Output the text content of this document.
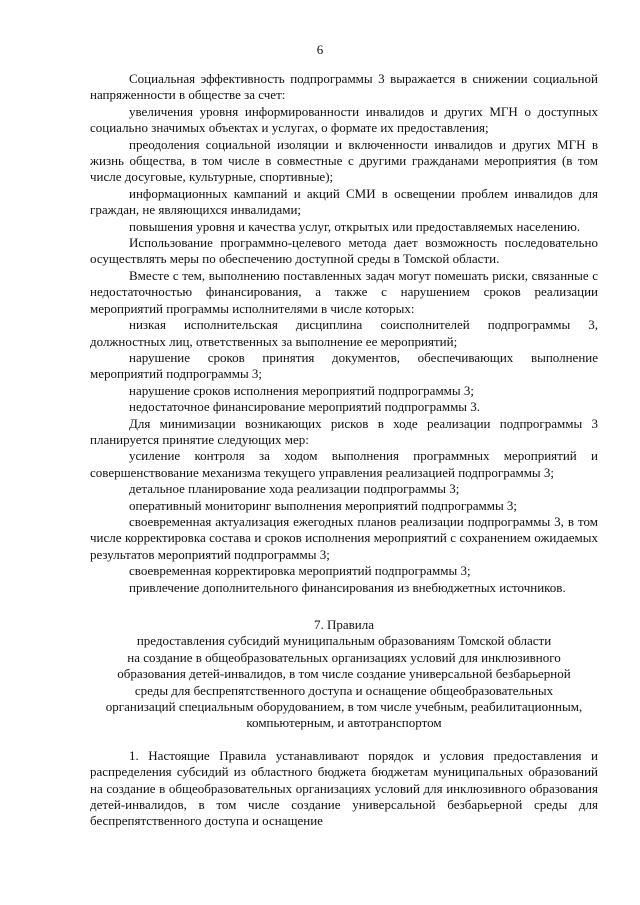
6

Социальная эффективность подпрограммы 3 выражается в снижении социальной напряженности в обществе за счет:

увеличения уровня информированности инвалидов и других МГН о доступных социально значимых объектах и услугах, о формате их предоставления;

преодоления социальной изоляции и включенности инвалидов и других МГН в жизнь общества, в том числе в совместные с другими гражданами мероприятия (в том числе досуговые, культурные, спортивные);

информационных кампаний и акций СМИ в освещении проблем инвалидов для граждан, не являющихся инвалидами;

повышения уровня и качества услуг, открытых или предоставляемых населению.

Использование программно-целевого метода дает возможность последовательно осуществлять меры по обеспечению доступной среды в Томской области.

Вместе с тем, выполнению поставленных задач могут помешать риски, связанные с недостаточностью финансирования, а также с нарушением сроков реализации мероприятий программы исполнителями в числе которых:

низкая исполнительская дисциплина соисполнителей подпрограммы 3, должностных лиц, ответственных за выполнение ее мероприятий;

нарушение сроков принятия документов, обеспечивающих выполнение мероприятий подпрограммы 3;

нарушение сроков исполнения мероприятий подпрограммы 3;

недостаточное финансирование мероприятий подпрограммы 3.

Для минимизации возникающих рисков в ходе реализации подпрограммы 3 планируется принятие следующих мер:

усиление контроля за ходом выполнения программных мероприятий и совершенствование механизма текущего управления реализацией подпрограммы 3;

детальное планирование хода реализации подпрограммы 3;

оперативный мониторинг выполнения мероприятий подпрограммы 3;

своевременная актуализация ежегодных планов реализации подпрограммы 3, в том числе корректировка состава и сроков исполнения мероприятий с сохранением ожидаемых результатов мероприятий подпрограммы 3;

своевременная корректировка мероприятий подпрограммы 3;

привлечение дополнительного финансирования из внебюджетных источников.

7. Правила

предоставления субсидий муниципальным образованиям Томской области
на создание в общеобразовательных организациях условий для инклюзивного образования детей-инвалидов, в том числе создание универсальной безбарьерной среды для беспрепятственного доступа и оснащение общеобразовательных организаций специальным оборудованием, в том числе учебным, реабилитационным, компьютерным, и автотранспортом

1. Настоящие Правила устанавливают порядок и условия предоставления и распределения субсидий из областного бюджета бюджетам муниципальных образований на создание в общеобразовательных организациях условий для инклюзивного образования детей-инвалидов, в том числе создание универсальной безбарьерной среды для беспрепятственного доступа и оснащение
